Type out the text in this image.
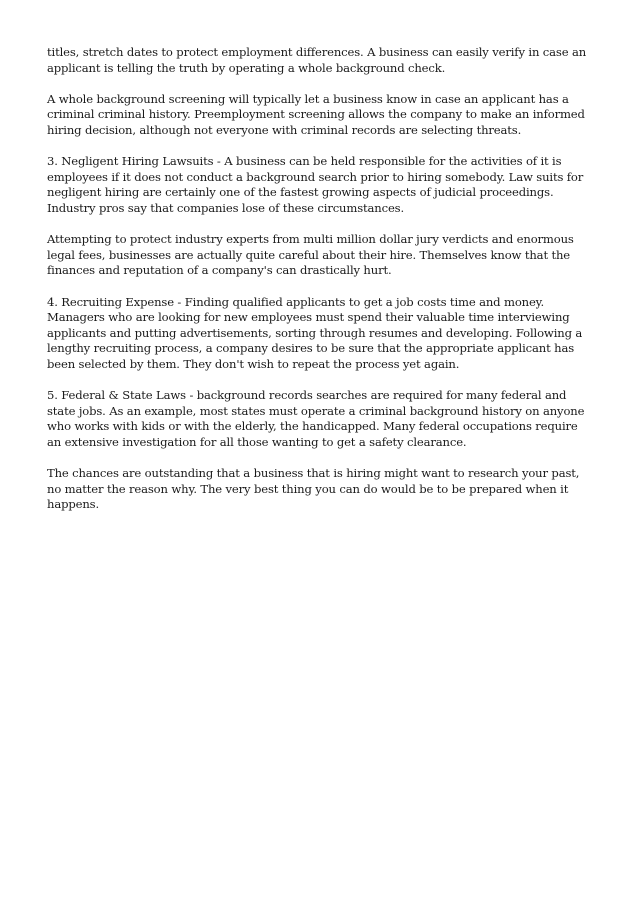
titles, stretch dates to protect employment differences. A business can easily verify in case an applicant is telling the truth by operating a whole background check.

A whole background screening will typically let a business know in case an applicant has a criminal criminal history. Preemployment screening allows the company to make an informed hiring decision, although not everyone with criminal records are selecting threats.

3. Negligent Hiring Lawsuits - A business can be held responsible for the activities of it is employees if it does not conduct a background search prior to hiring somebody. Law suits for negligent hiring are certainly one of the fastest growing aspects of judicial proceedings. Industry pros say that companies lose of these circumstances.

Attempting to protect industry experts from multi million dollar jury verdicts and enormous legal fees, businesses are actually quite careful about their hire. Themselves know that the finances and reputation of a company's can drastically hurt.

4. Recruiting Expense - Finding qualified applicants to get a job costs time and money. Managers who are looking for new employees must spend their valuable time interviewing applicants and putting advertisements, sorting through resumes and developing. Following a lengthy recruiting process, a company desires to be sure that the appropriate applicant has been selected by them. They don't wish to repeat the process yet again.

5. Federal & State Laws - background records searches are required for many federal and state jobs. As an example, most states must operate a criminal background history on anyone who works with kids or with the elderly, the handicapped. Many federal occupations require an extensive investigation for all those wanting to get a safety clearance.

The chances are outstanding that a business that is hiring might want to research your past, no matter the reason why. The very best thing you can do would be to be prepared when it happens.
